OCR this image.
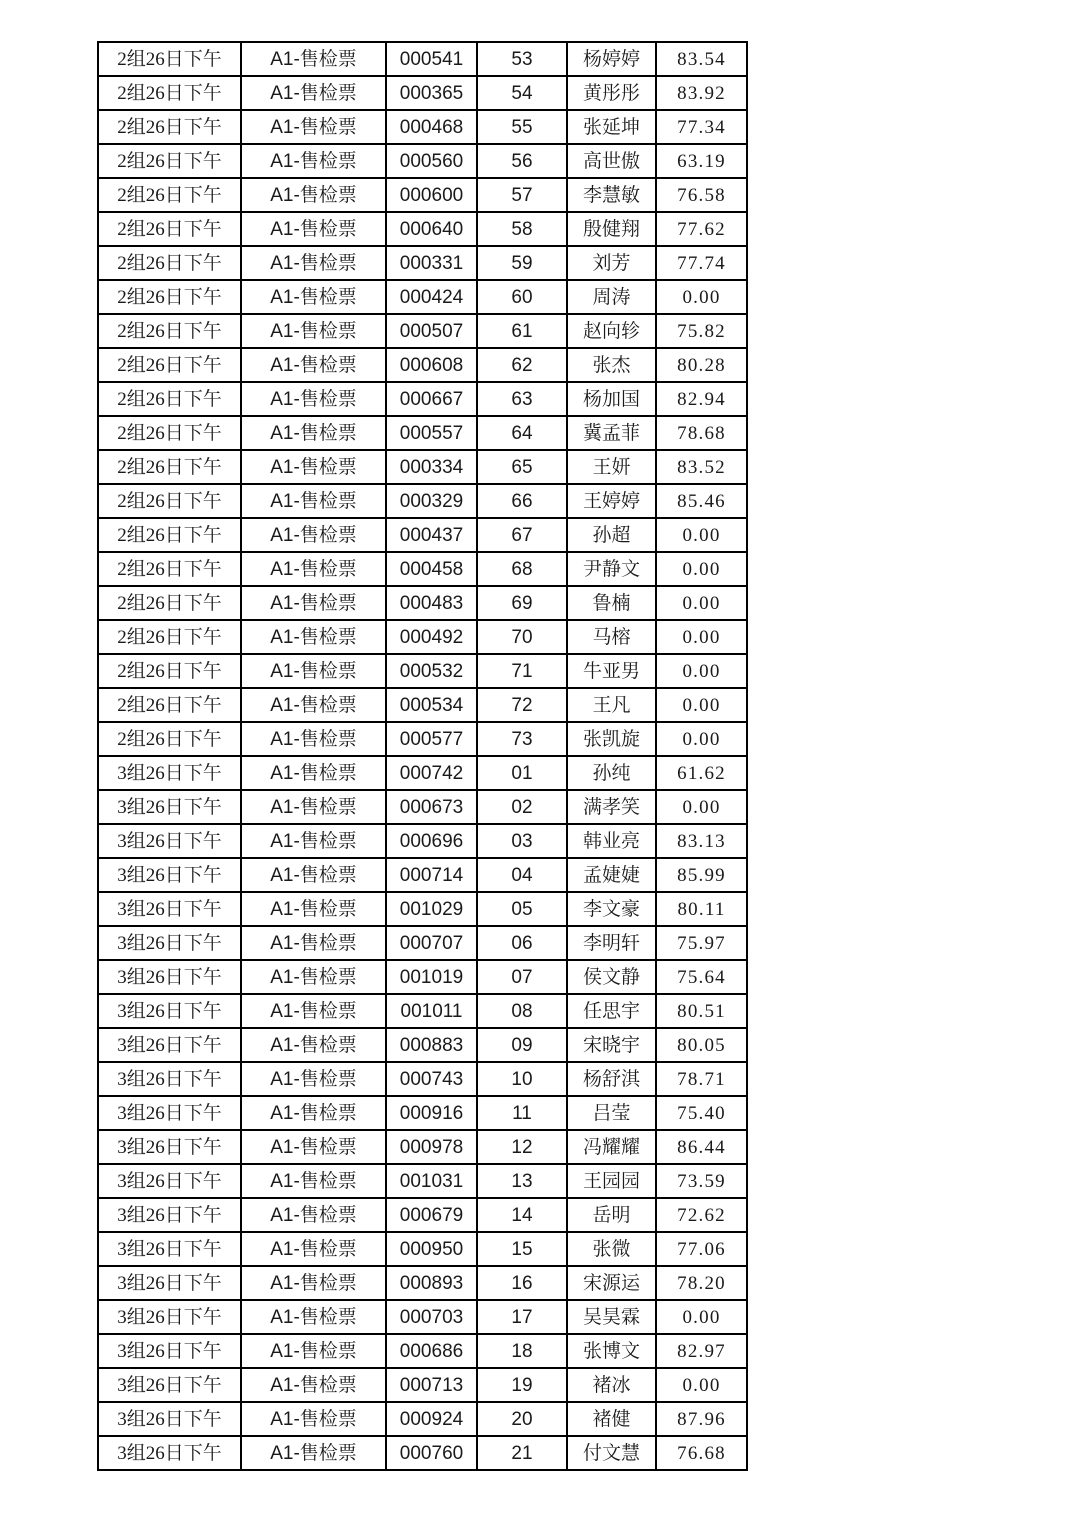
2组26日下午	A1-售检票	000541	53	杨婷婷	83.54
2组26日下午	A1-售检票	000365	54	黄彤彤	83.92
2组26日下午	A1-售检票	000468	55	张延坤	77.34
2组26日下午	A1-售检票	000560	56	高世傲	63.19
2组26日下午	A1-售检票	000600	57	李慧敏	76.58
2组26日下午	A1-售检票	000640	58	殷健翔	77.62
2组26日下午	A1-售检票	000331	59	刘芳	77.74
2组26日下午	A1-售检票	000424	60	周涛	0.00
2组26日下午	A1-售检票	000507	61	赵向轸	75.82
2组26日下午	A1-售检票	000608	62	张杰	80.28
2组26日下午	A1-售检票	000667	63	杨加国	82.94
2组26日下午	A1-售检票	000557	64	冀孟菲	78.68
2组26日下午	A1-售检票	000334	65	王妍	83.52
2组26日下午	A1-售检票	000329	66	王婷婷	85.46
2组26日下午	A1-售检票	000437	67	孙超	0.00
2组26日下午	A1-售检票	000458	68	尹静文	0.00
2组26日下午	A1-售检票	000483	69	鲁楠	0.00
2组26日下午	A1-售检票	000492	70	马榕	0.00
2组26日下午	A1-售检票	000532	71	牛亚男	0.00
2组26日下午	A1-售检票	000534	72	王凡	0.00
2组26日下午	A1-售检票	000577	73	张凯旋	0.00
3组26日下午	A1-售检票	000742	01	孙纯	61.62
3组26日下午	A1-售检票	000673	02	满孝笑	0.00
3组26日下午	A1-售检票	000696	03	韩业亮	83.13
3组26日下午	A1-售检票	000714	04	孟婕婕	85.99
3组26日下午	A1-售检票	001029	05	李文豪	80.11
3组26日下午	A1-售检票	000707	06	李明轩	75.97
3组26日下午	A1-售检票	001019	07	侯文静	75.64
3组26日下午	A1-售检票	001011	08	任思宇	80.51
3组26日下午	A1-售检票	000883	09	宋晓宇	80.05
3组26日下午	A1-售检票	000743	10	杨舒淇	78.71
3组26日下午	A1-售检票	000916	11	吕莹	75.40
3组26日下午	A1-售检票	000978	12	冯耀耀	86.44
3组26日下午	A1-售检票	001031	13	王园园	73.59
3组26日下午	A1-售检票	000679	14	岳明	72.62
3组26日下午	A1-售检票	000950	15	张微	77.06
3组26日下午	A1-售检票	000893	16	宋源运	78.20
3组26日下午	A1-售检票	000703	17	吴昊霖	0.00
3组26日下午	A1-售检票	000686	18	张博文	82.97
3组26日下午	A1-售检票	000713	19	褚冰	0.00
3组26日下午	A1-售检票	000924	20	褚健	87.96
3组26日下午	A1-售检票	000760	21	付文慧	76.68
